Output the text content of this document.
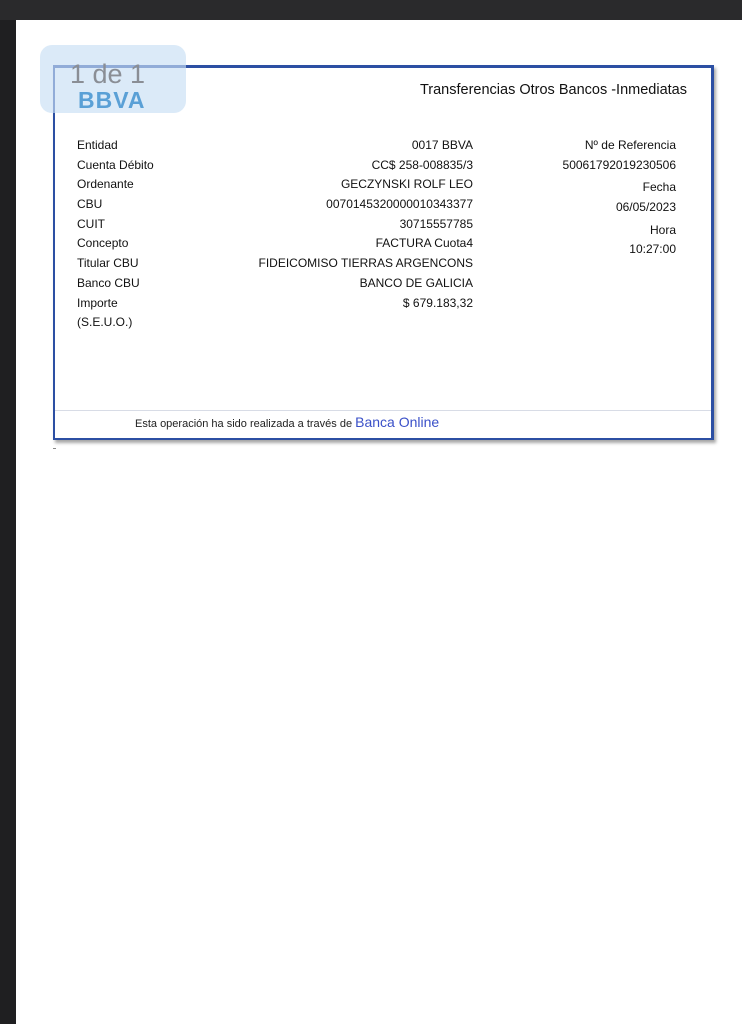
Transferencias Otros Bancos -Inmediatas
Entidad
Cuenta Débito
Ordenante
CBU
CUIT
Concepto
Titular CBU
Banco CBU
Importe
(S.E.U.O.)
0017 BBVA
CC$ 258-008835/3
GECZYNSKI ROLF LEO
0070145320000010343377
30715557785
FACTURA Cuota4
FIDEICOMISO TIERRAS ARGENCONS
BANCO DE GALICIA
$ 679.183,32
Nº de Referencia
50061792019230506
Fecha
06/05/2023
Hora
10:27:00
Esta operación ha sido realizada a través de Banca Online
1 de 1
BBVA
